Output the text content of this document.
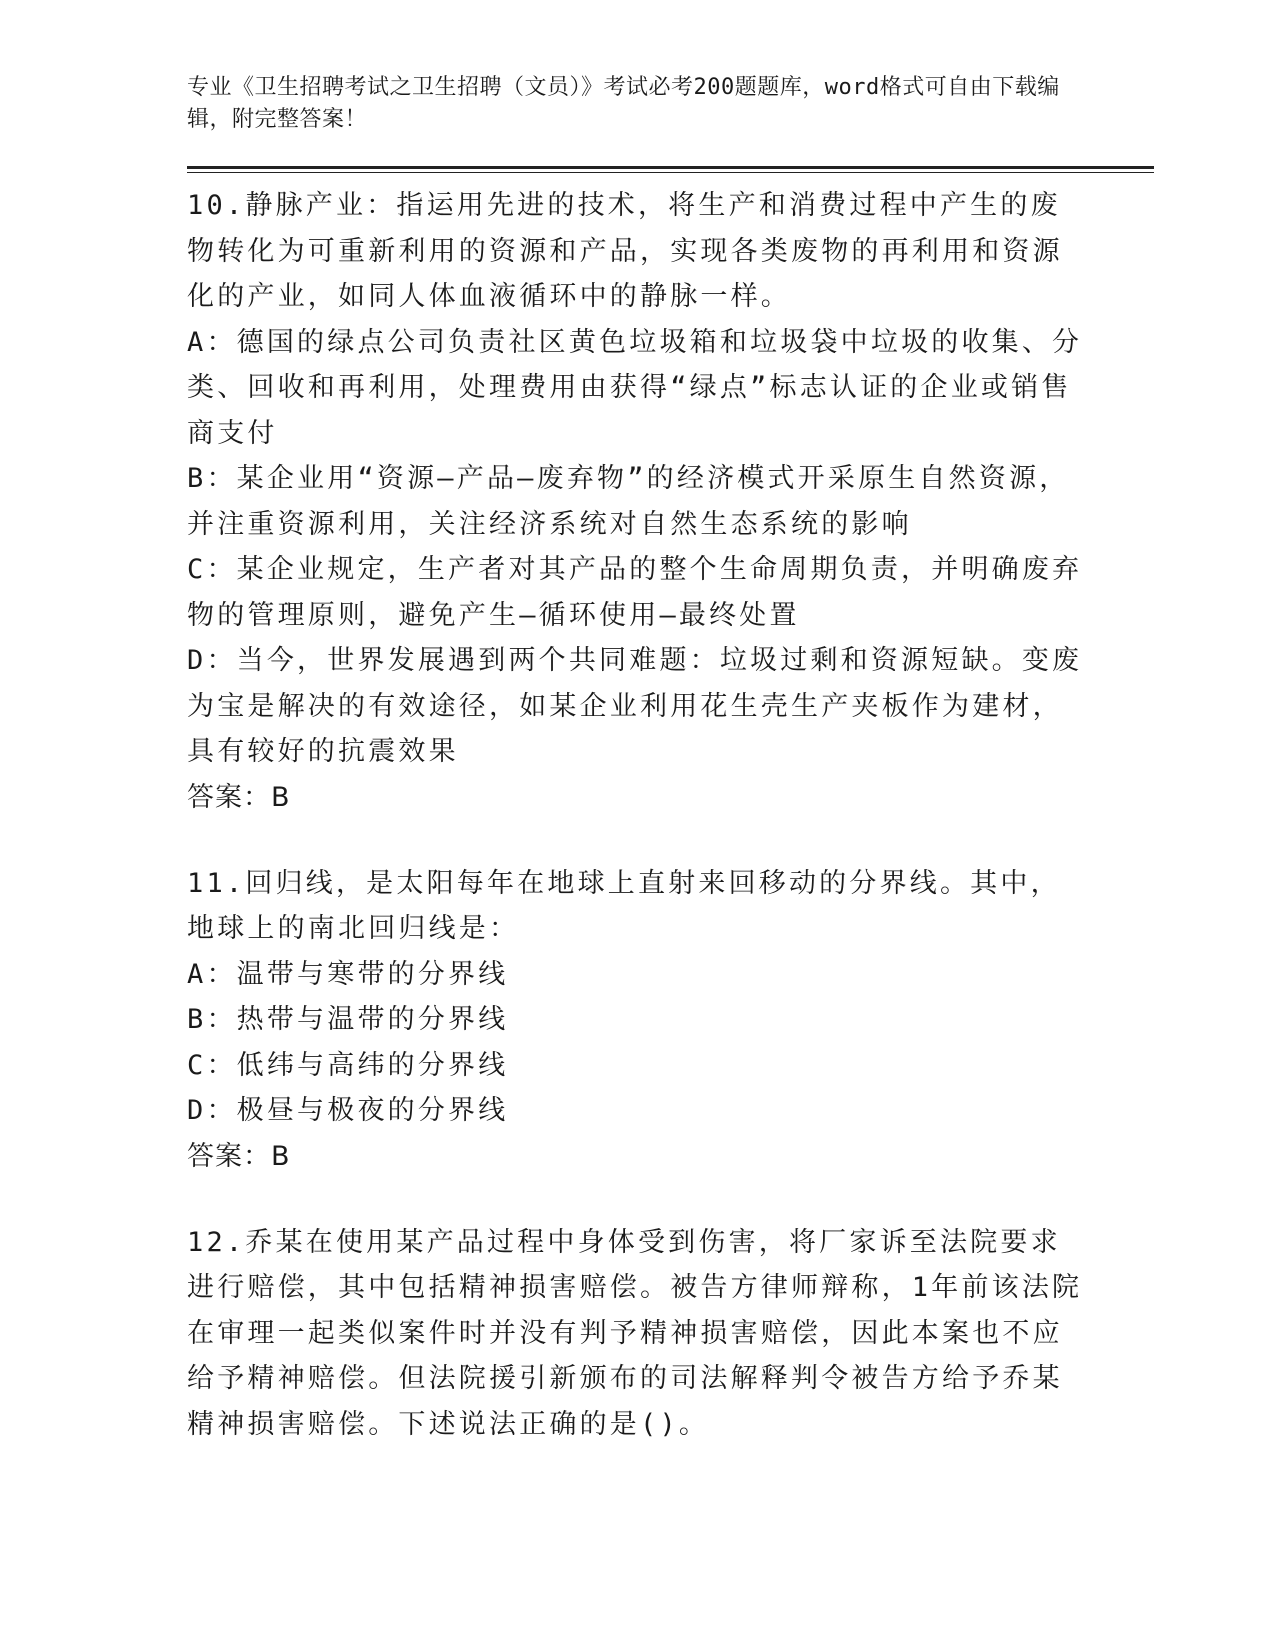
专业《卫生招聘考试之卫生招聘（文员）》考试必考200题题库，word格式可自由下载编辑，附完整答案！

10.静脉产业：指运用先进的技术，将生产和消费过程中产生的废物转化为可重新利用的资源和产品，实现各类废物的再利用和资源化的产业，如同人体血液循环中的静脉一样。

A：德国的绿点公司负责社区黄色垃圾箱和垃圾袋中垃圾的收集、分类、回收和再利用，处理费用由获得“绿点”标志认证的企业或销售商支付

B：某企业用“资源—产品—废弃物”的经济模式开采原生自然资源，并注重资源利用，关注经济系统对自然生态系统的影响

C：某企业规定，生产者对其产品的整个生命周期负责，并明确废弃物的管理原则，避免产生—循环使用—最终处置

D：当今，世界发展遇到两个共同难题：垃圾过剩和资源短缺。变废为宝是解决的有效途径，如某企业利用花生壳生产夹板作为建材，具有较好的抗震效果

答案：B

11.回归线，是太阳每年在地球上直射来回移动的分界线。其中，地球上的南北回归线是：

A：温带与寒带的分界线

B：热带与温带的分界线

C：低纬与高纬的分界线

D：极昼与极夜的分界线

答案：B

12.乔某在使用某产品过程中身体受到伤害，将厂家诉至法院要求进行赔偿，其中包括精神损害赔偿。被告方律师辩称，1年前该法院在审理一起类似案件时并没有判予精神损害赔偿，因此本案也不应给予精神赔偿。但法院援引新颁布的司法解释判令被告方给予乔某精神损害赔偿。下述说法正确的是()。
